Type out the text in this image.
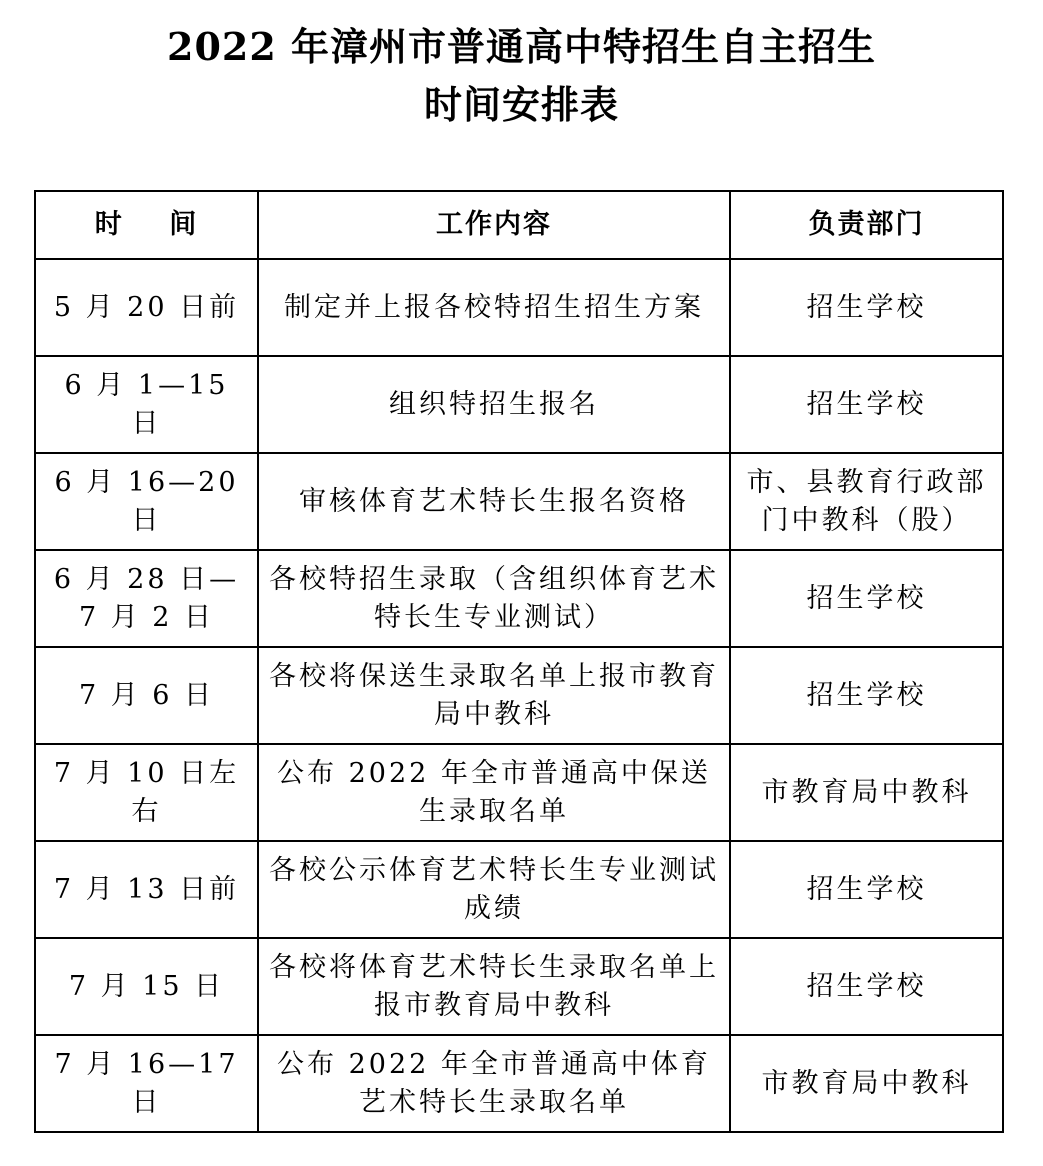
2022 年漳州市普通高中特招生自主招生
时间安排表
时    间	工作内容	负责部门
5 月 20 日前	制定并上报各校特招生招生方案	招生学校
6 月 1—15 日	组织特招生报名	招生学校
6 月 16—20 日	审核体育艺术特长生报名资格	市、县教育行政部门中教科（股）
6 月 28 日—7 月 2 日	各校特招生录取（含组织体育艺术特长生专业测试）	招生学校
7 月 6 日	各校将保送生录取名单上报市教育局中教科	招生学校
7 月 10 日左右	公布 2022 年全市普通高中保送生录取名单	市教育局中教科
7 月 13 日前	各校公示体育艺术特长生专业测试成绩	招生学校
7 月 15 日	各校将体育艺术特长生录取名单上报市教育局中教科	招生学校
7 月 16—17 日	公布 2022 年全市普通高中体育艺术特长生录取名单	市教育局中教科
